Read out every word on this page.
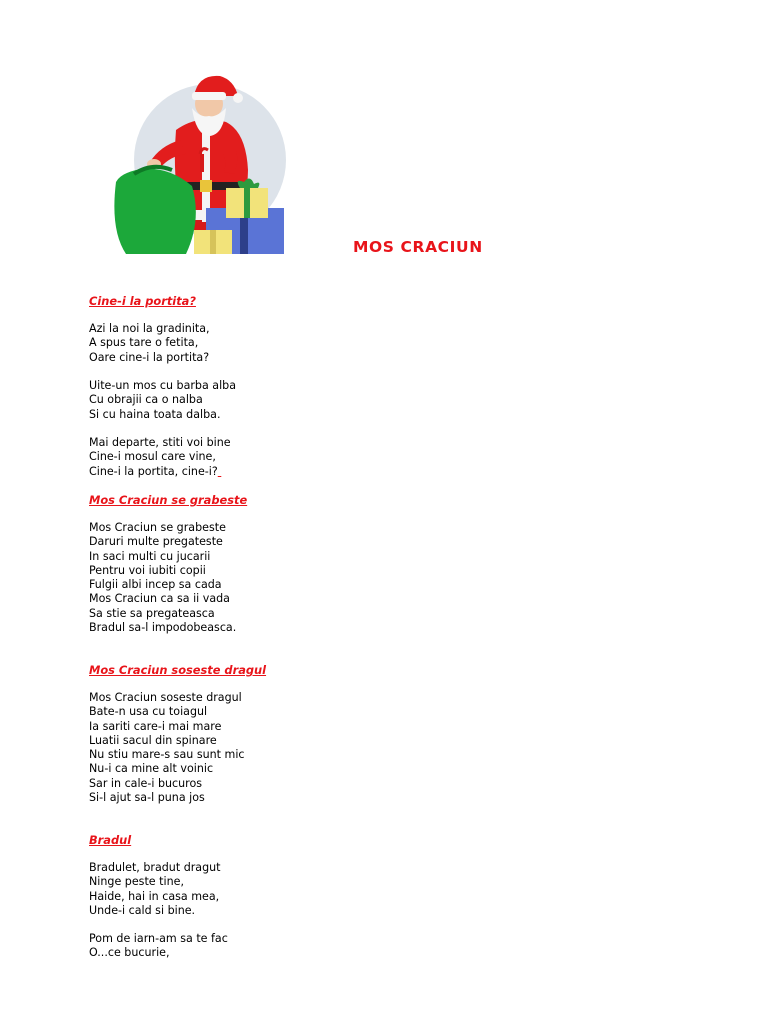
MOS CRACIUN
Cine-i la portita?
Azi la noi la gradinita,
A spus tare o fetita,
Oare cine-i la portita?
Uite-un mos cu barba alba
Cu obrajii ca o nalba
Si cu haina toata dalba.
Mai departe, stiti voi bine
Cine-i mosul care vine,
Cine-i la portita, cine-i?
Mos Craciun se grabeste
Mos Craciun se grabeste
Daruri multe pregateste
In saci multi cu jucarii
Pentru voi iubiti copii
Fulgii albi incep sa cada
Mos Craciun ca sa ii vada
Sa stie sa pregateasca
Bradul sa-l impodobeasca.
Mos Craciun soseste dragul
Mos Craciun soseste dragul
Bate-n usa cu toiagul
Ia sariti care-i mai mare
Luatii sacul din spinare
Nu stiu mare-s sau sunt mic
Nu-i ca mine alt voinic
Sar in cale-i bucuros
Si-l ajut sa-l puna jos
Bradul
Bradulet, bradut dragut
Ninge peste tine,
Haide, hai in casa mea,
Unde-i cald si bine.
Pom de iarn-am sa te fac
O...ce bucurie,
